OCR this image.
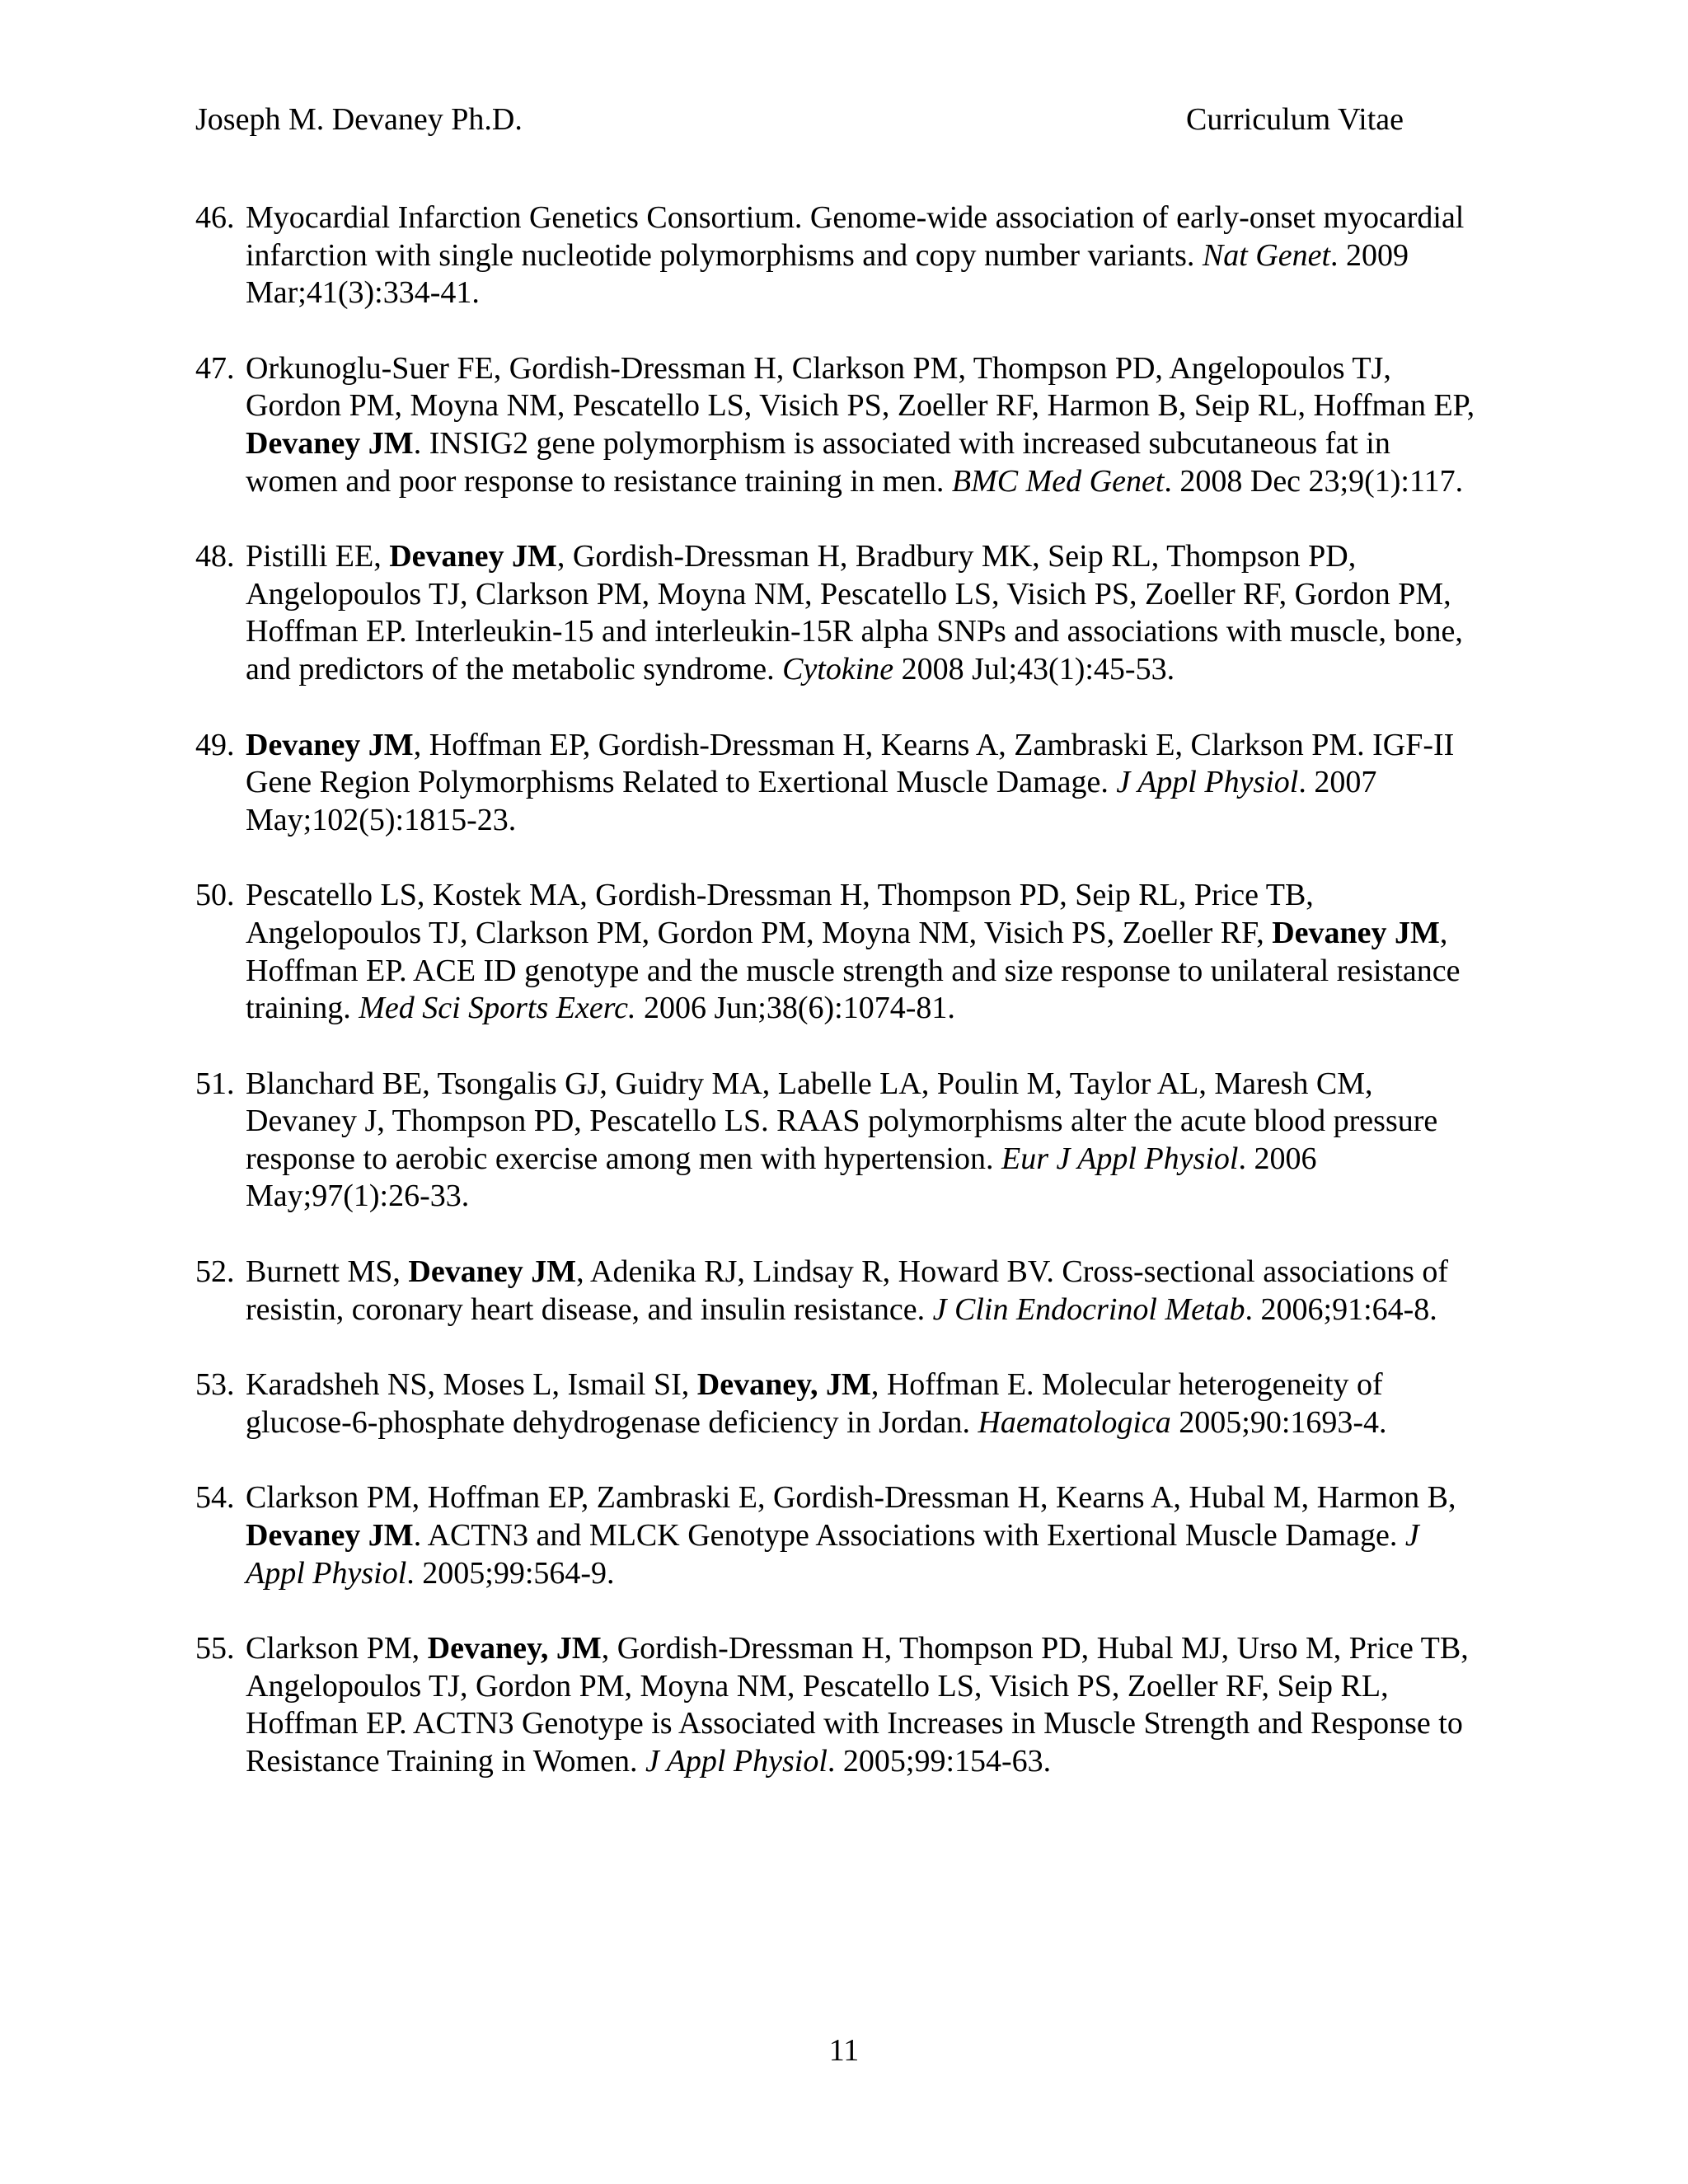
Joseph M. Devaney Ph.D.	Curriculum Vitae
46. Myocardial Infarction Genetics Consortium. Genome-wide association of early-onset myocardial infarction with single nucleotide polymorphisms and copy number variants. Nat Genet. 2009 Mar;41(3):334-41.
47. Orkunoglu-Suer FE, Gordish-Dressman H, Clarkson PM, Thompson PD, Angelopoulos TJ, Gordon PM, Moyna NM, Pescatello LS, Visich PS, Zoeller RF, Harmon B, Seip RL, Hoffman EP, Devaney JM. INSIG2 gene polymorphism is associated with increased subcutaneous fat in women and poor response to resistance training in men. BMC Med Genet. 2008 Dec 23;9(1):117.
48. Pistilli EE, Devaney JM, Gordish-Dressman H, Bradbury MK, Seip RL, Thompson PD, Angelopoulos TJ, Clarkson PM, Moyna NM, Pescatello LS, Visich PS, Zoeller RF, Gordon PM, Hoffman EP. Interleukin-15 and interleukin-15R alpha SNPs and associations with muscle, bone, and predictors of the metabolic syndrome. Cytokine 2008 Jul;43(1):45-53.
49. Devaney JM, Hoffman EP, Gordish-Dressman H, Kearns A, Zambraski E, Clarkson PM. IGF-II Gene Region Polymorphisms Related to Exertional Muscle Damage. J Appl Physiol. 2007 May;102(5):1815-23.
50. Pescatello LS, Kostek MA, Gordish-Dressman H, Thompson PD, Seip RL, Price TB, Angelopoulos TJ, Clarkson PM, Gordon PM, Moyna NM, Visich PS, Zoeller RF, Devaney JM, Hoffman EP. ACE ID genotype and the muscle strength and size response to unilateral resistance training. Med Sci Sports Exerc. 2006 Jun;38(6):1074-81.
51. Blanchard BE, Tsongalis GJ, Guidry MA, Labelle LA, Poulin M, Taylor AL, Maresh CM, Devaney J, Thompson PD, Pescatello LS. RAAS polymorphisms alter the acute blood pressure response to aerobic exercise among men with hypertension. Eur J Appl Physiol. 2006 May;97(1):26-33.
52. Burnett MS, Devaney JM, Adenika RJ, Lindsay R, Howard BV. Cross-sectional associations of resistin, coronary heart disease, and insulin resistance. J Clin Endocrinol Metab. 2006;91:64-8.
53. Karadsheh NS, Moses L, Ismail SI, Devaney, JM, Hoffman E. Molecular heterogeneity of glucose-6-phosphate dehydrogenase deficiency in Jordan. Haematologica 2005;90:1693-4.
54. Clarkson PM, Hoffman EP, Zambraski E, Gordish-Dressman H, Kearns A, Hubal M, Harmon B, Devaney JM. ACTN3 and MLCK Genotype Associations with Exertional Muscle Damage. J Appl Physiol. 2005;99:564-9.
55. Clarkson PM, Devaney, JM, Gordish-Dressman H, Thompson PD, Hubal MJ, Urso M, Price TB, Angelopoulos TJ, Gordon PM, Moyna NM, Pescatello LS, Visich PS, Zoeller RF, Seip RL, Hoffman EP. ACTN3 Genotype is Associated with Increases in Muscle Strength and Response to Resistance Training in Women. J Appl Physiol. 2005;99:154-63.
11
